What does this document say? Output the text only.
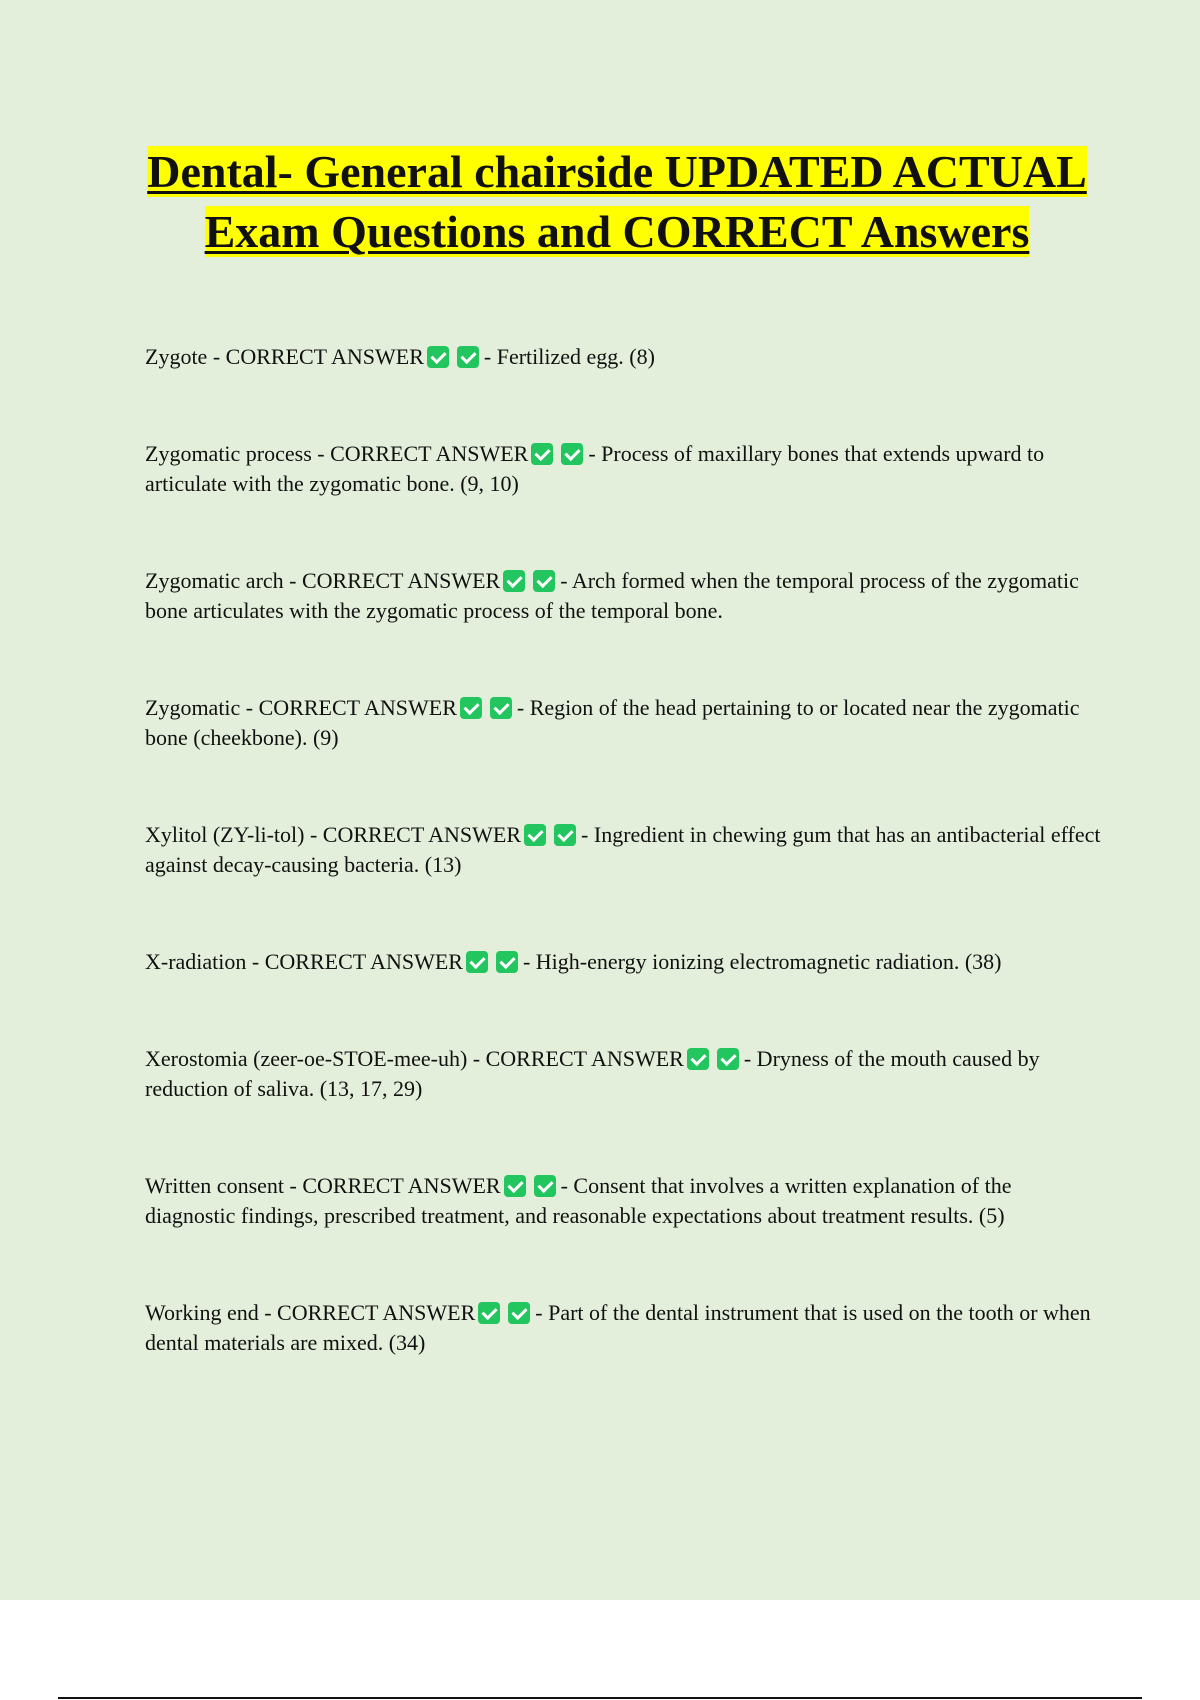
Dental- General chairside UPDATED ACTUAL Exam Questions and CORRECT Answers

Zygote - CORRECT ANSWER	- Fertilized egg. (8)

Zygomatic process - CORRECT ANSWER	- Process of maxillary bones that extends upward to articulate with the zygomatic bone. (9, 10)

Zygomatic arch - CORRECT ANSWER	- Arch formed when the temporal process of the zygomatic bone articulates with the zygomatic process of the temporal bone.

Zygomatic - CORRECT ANSWER	- Region of the head pertaining to or located near the zygomatic bone (cheekbone). (9)

Xylitol (ZY-li-tol) - CORRECT ANSWER	- Ingredient in chewing gum that has an antibacterial effect against decay-causing bacteria. (13)

X-radiation - CORRECT ANSWER	- High-energy ionizing electromagnetic radiation. (38)

Xerostomia (zeer-oe-STOE-mee-uh) - CORRECT ANSWER	- Dryness of the mouth caused by reduction of saliva. (13, 17, 29)

Written consent - CORRECT ANSWER	- Consent that involves a written explanation of the diagnostic findings, prescribed treatment, and reasonable expectations about treatment results. (5)

Working end - CORRECT ANSWER	- Part of the dental instrument that is used on the tooth or when dental materials are mixed. (34)
